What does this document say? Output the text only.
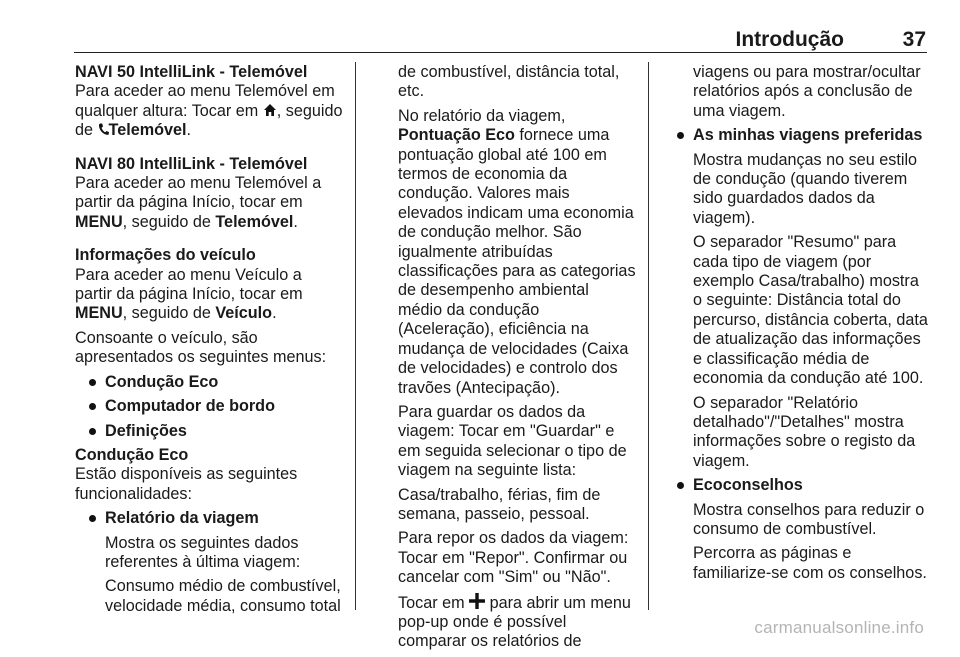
Introdução	37

NAVI 50 IntelliLink - Telemóvel

Para aceder ao menu Telemóvel em qualquer altura: Tocar em , seguido de Telemóvel.

NAVI 80 IntelliLink - Telemóvel

Para aceder ao menu Telemóvel a partir da página Início, tocar em MENU, seguido de Telemóvel.

Informações do veículo

Para aceder ao menu Veículo a partir da página Início, tocar em MENU, seguido de Veículo.

Consoante o veículo, são apresentados os seguintes menus:

Condução Eco
Computador de bordo
Definições

Condução Eco

Estão disponíveis as seguintes funcionalidades:

Relatório da viagem

Mostra os seguintes dados referentes à última viagem:

Consumo médio de combustível, velocidade média, consumo total

de combustível, distância total, etc.

No relatório da viagem, Pontuação Eco fornece uma pontuação global até 100 em termos de economia da condução. Valores mais elevados indicam uma economia de condução melhor. São igualmente atribuídas classificações para as categorias de desempenho ambiental médio da condução (Aceleração), eficiência na mudança de velocidades (Caixa de velocidades) e controlo dos travões (Antecipação).

Para guardar os dados da viagem: Tocar em "Guardar" e em seguida selecionar o tipo de viagem na seguinte lista:

Casa/trabalho, férias, fim de semana, passeio, pessoal.

Para repor os dados da viagem: Tocar em "Repor". Confirmar ou cancelar com "Sim" ou "Não".

Tocar em  para abrir um menu pop-up onde é possível comparar os relatórios de

viagens ou para mostrar/ocultar relatórios após a conclusão de uma viagem.

As minhas viagens preferidas

Mostra mudanças no seu estilo de condução (quando tiverem sido guardados dados da viagem).

O separador "Resumo" para cada tipo de viagem (por exemplo Casa/trabalho) mostra o seguinte: Distância total do percurso, distância coberta, data de atualização das informações e classificação média de economia da condução até 100.

O separador "Relatório detalhado"/"Detalhes" mostra informações sobre o registo da viagem.

Ecoconselhos

Mostra conselhos para reduzir o consumo de combustível.

Percorra as páginas e familiarize-se com os conselhos.

carmanualsonline.info
